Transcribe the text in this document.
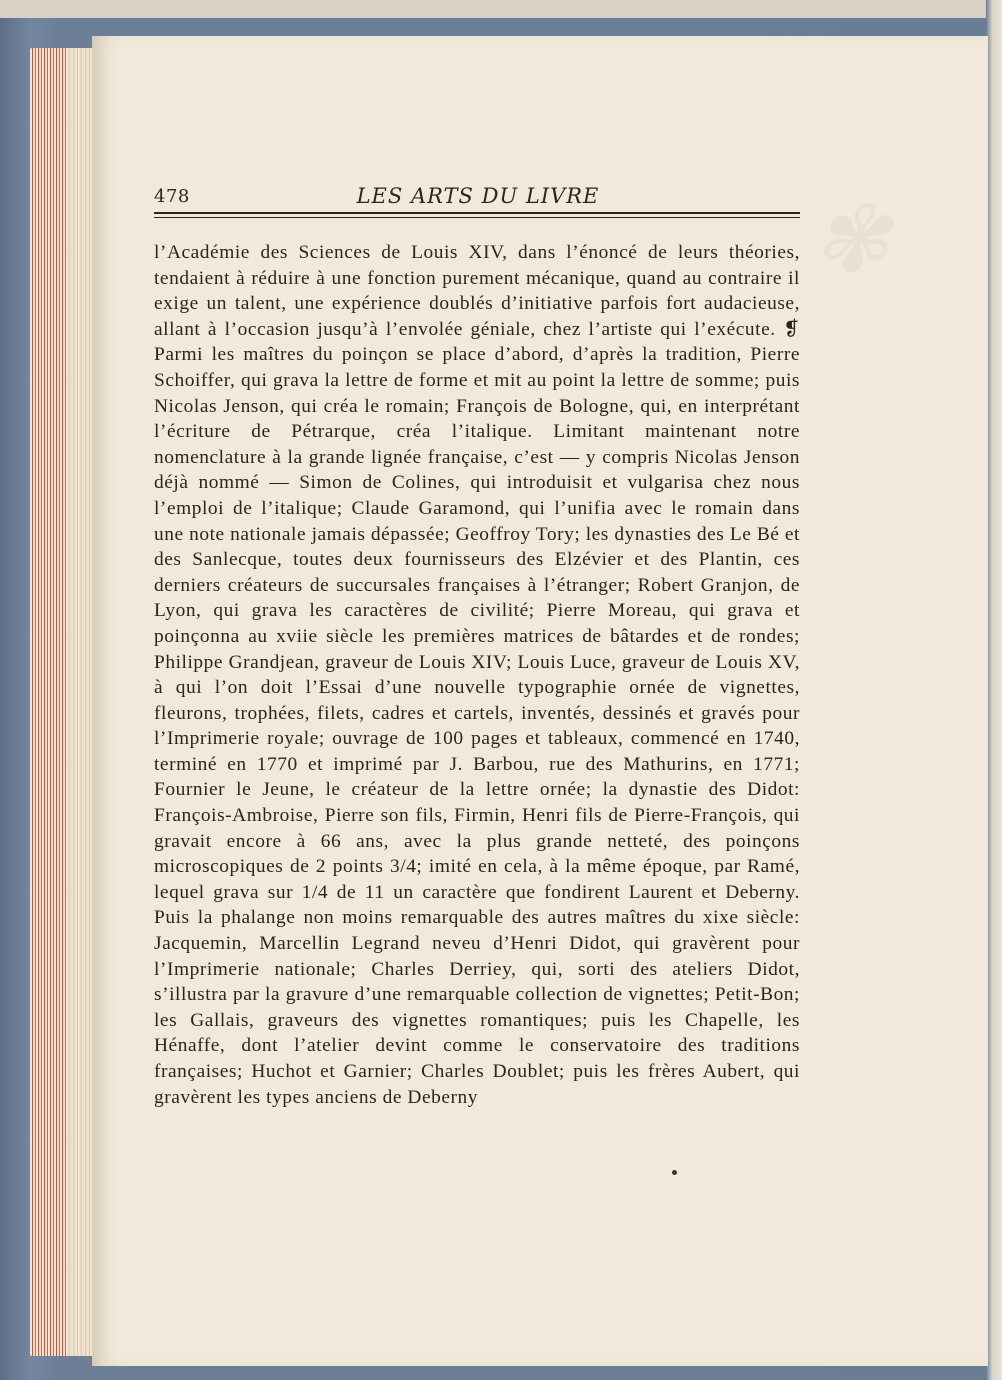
✾
478	LES ARTS DU LIVRE

l’Académie des Sciences de Louis XIV, dans l’énoncé de leurs théories, tendaient à réduire à une fonction purement mécanique, quand au contraire il exige un talent, une expérience doublés d’initiative parfois fort audacieuse, allant à l’occasion jusqu’à l’envolée géniale, chez l’artiste qui l’exécute. ❡ Parmi les maîtres du poinçon se place d’abord, d’après la tradition, Pierre Schoiffer, qui grava la lettre de forme et mit au point la lettre de somme; puis Nicolas Jenson, qui créa le romain; François de Bologne, qui, en interprétant l’écriture de Pétrarque, créa l’italique. Limitant maintenant notre nomenclature à la grande lignée française, c’est — y compris Nicolas Jenson déjà nommé — Simon de Colines, qui introduisit et vulgarisa chez nous l’emploi de l’italique; Claude Garamond, qui l’unifia avec le romain dans une note nationale jamais dépassée; Geoffroy Tory; les dynasties des Le Bé et des Sanlecque, toutes deux fournisseurs des Elzévier et des Plantin, ces derniers créateurs de succursales françaises à l’étranger; Robert Granjon, de Lyon, qui grava les caractères de civilité; Pierre Moreau, qui grava et poinçonna au xviie siècle les premières matrices de bâtardes et de rondes; Philippe Grandjean, graveur de Louis XIV; Louis Luce, graveur de Louis XV, à qui l’on doit l’Essai d’une nouvelle typographie ornée de vignettes, fleurons, trophées, filets, cadres et cartels, inventés, dessinés et gravés pour l’Imprimerie royale; ouvrage de 100 pages et tableaux, commencé en 1740, terminé en 1770 et imprimé par J. Barbou, rue des Mathurins, en 1771; Fournier le Jeune, le créateur de la lettre ornée; la dynastie des Didot: François-Ambroise, Pierre son fils, Firmin, Henri fils de Pierre-François, qui gravait encore à 66 ans, avec la plus grande netteté, des poinçons microscopiques de 2 points 3/4; imité en cela, à la même époque, par Ramé, lequel grava sur 1/4 de 11 un caractère que fondirent Laurent et Deberny. Puis la phalange non moins remarquable des autres maîtres du xixe siècle: Jacquemin, Marcellin Legrand neveu d’Henri Didot, qui gravèrent pour l’Imprimerie nationale; Charles Derriey, qui, sorti des ateliers Didot, s’illustra par la gravure d’une remarquable collection de vignettes; Petit-Bon; les Gallais, graveurs des vignettes romantiques; puis les Chapelle, les Hénaffe, dont l’atelier devint comme le conservatoire des traditions françaises; Huchot et Garnier; Charles Doublet; puis les frères Aubert, qui gravèrent les types anciens de Deberny
